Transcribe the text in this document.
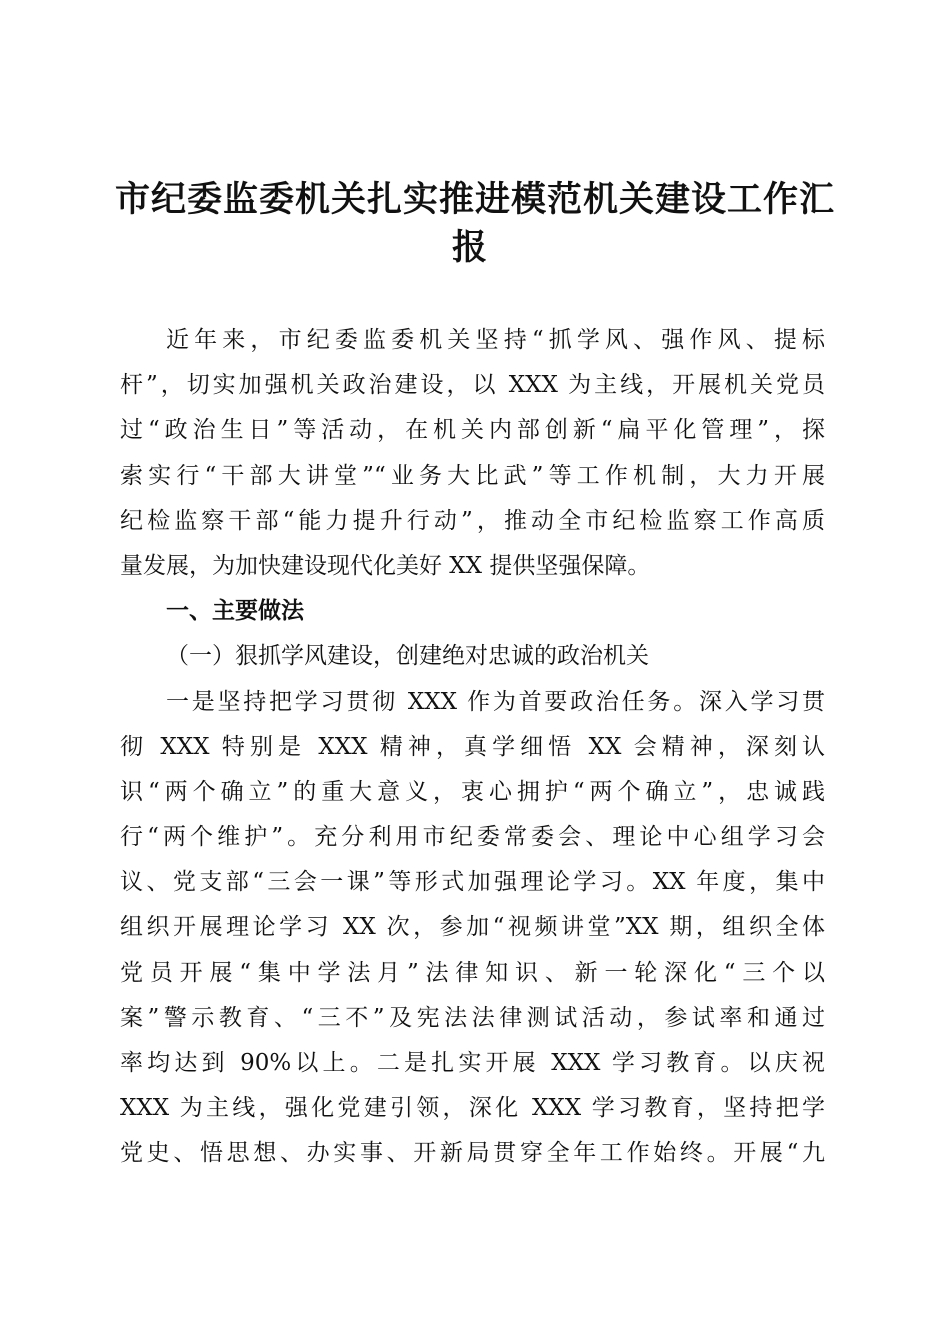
市纪委监委机关扎实推进模范机关建设工作汇
报
近年来，市纪委监委机关坚持“抓学风、强作风、提标
杆”，切实加强机关政治建设，以 XXX 为主线，开展机关党员
过“政治生日”等活动，在机关内部创新“扁平化管理”，探
索实行“干部大讲堂”“业务大比武”等工作机制，大力开展
纪检监察干部“能力提升行动”，推动全市纪检监察工作高质
量发展，为加快建设现代化美好 XX 提供坚强保障。
一、主要做法
（一）狠抓学风建设，创建绝对忠诚的政治机关
一是坚持把学习贯彻 XXX 作为首要政治任务。深入学习贯
彻 XXX 特别是 XXX 精神，真学细悟 XX 会精神，深刻认
识“两个确立”的重大意义，衷心拥护“两个确立”，忠诚践
行“两个维护”。充分利用市纪委常委会、理论中心组学习会
议、党支部“三会一课”等形式加强理论学习。XX 年度，集中
组织开展理论学习 XX 次，参加“视频讲堂”XX 期，组织全体
党员开展“集中学法月”法律知识、新一轮深化“三个以
案”警示教育、“三不”及宪法法律测试活动，参试率和通过
率均达到 90%以上。二是扎实开展 XXX 学习教育。以庆祝
XXX 为主线，强化党建引领，深化 XXX 学习教育，坚持把学
党史、悟思想、办实事、开新局贯穿全年工作始终。开展“九
